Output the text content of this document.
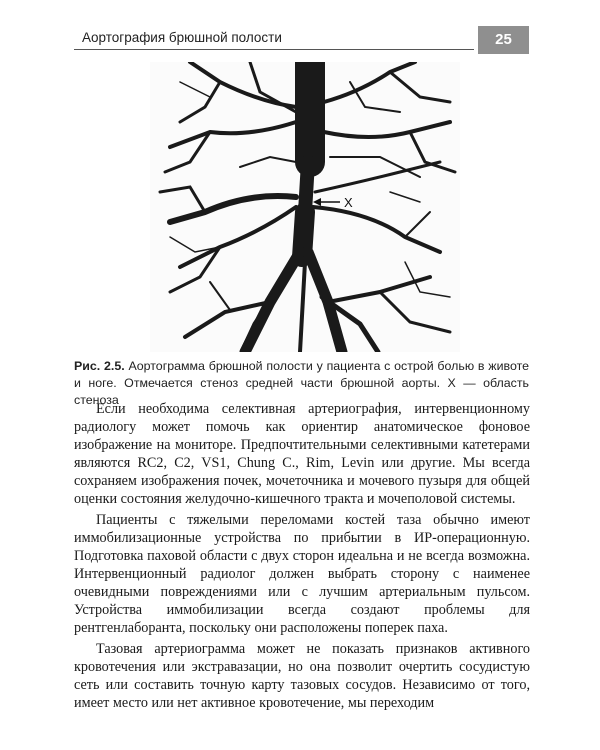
Аортография брюшной полости	25
X
Рис. 2.5. Аортограмма брюшной полости у пациента с острой болью в животе и ноге. Отмечается стеноз средней части брюшной аорты. X — область стеноза

Если необходима селективная артериография, интервенционному радиологу может помочь как ориентир анатомическое фоновое изображение на мониторе. Предпочтительными селективными катетерами являются RC2, C2, VS1, Chung C., Rim, Levin или другие. Мы всегда сохраняем изображения почек, мочеточника и мочевого пузыря для общей оценки состояния желудочно-кишечного тракта и мочеполовой системы.

Пациенты с тяжелыми переломами костей таза обычно имеют иммобилизационные устройства по прибытии в ИР-операционную. Подготовка паховой области с двух сторон идеальна и не всегда возможна. Интервенционный радиолог должен выбрать сторону с наименее очевидными повреждениями или с лучшим артериальным пульсом. Устройства иммобилизации всегда создают проблемы для рентгенлаборанта, поскольку они расположены поперек паха.

Тазовая артериограмма может не показать признаков активного кровотечения или экстравазации, но она позволит очертить сосудистую сеть или составить точную карту тазовых сосудов. Независимо от того, имеет место или нет активное кровотечение, мы переходим
